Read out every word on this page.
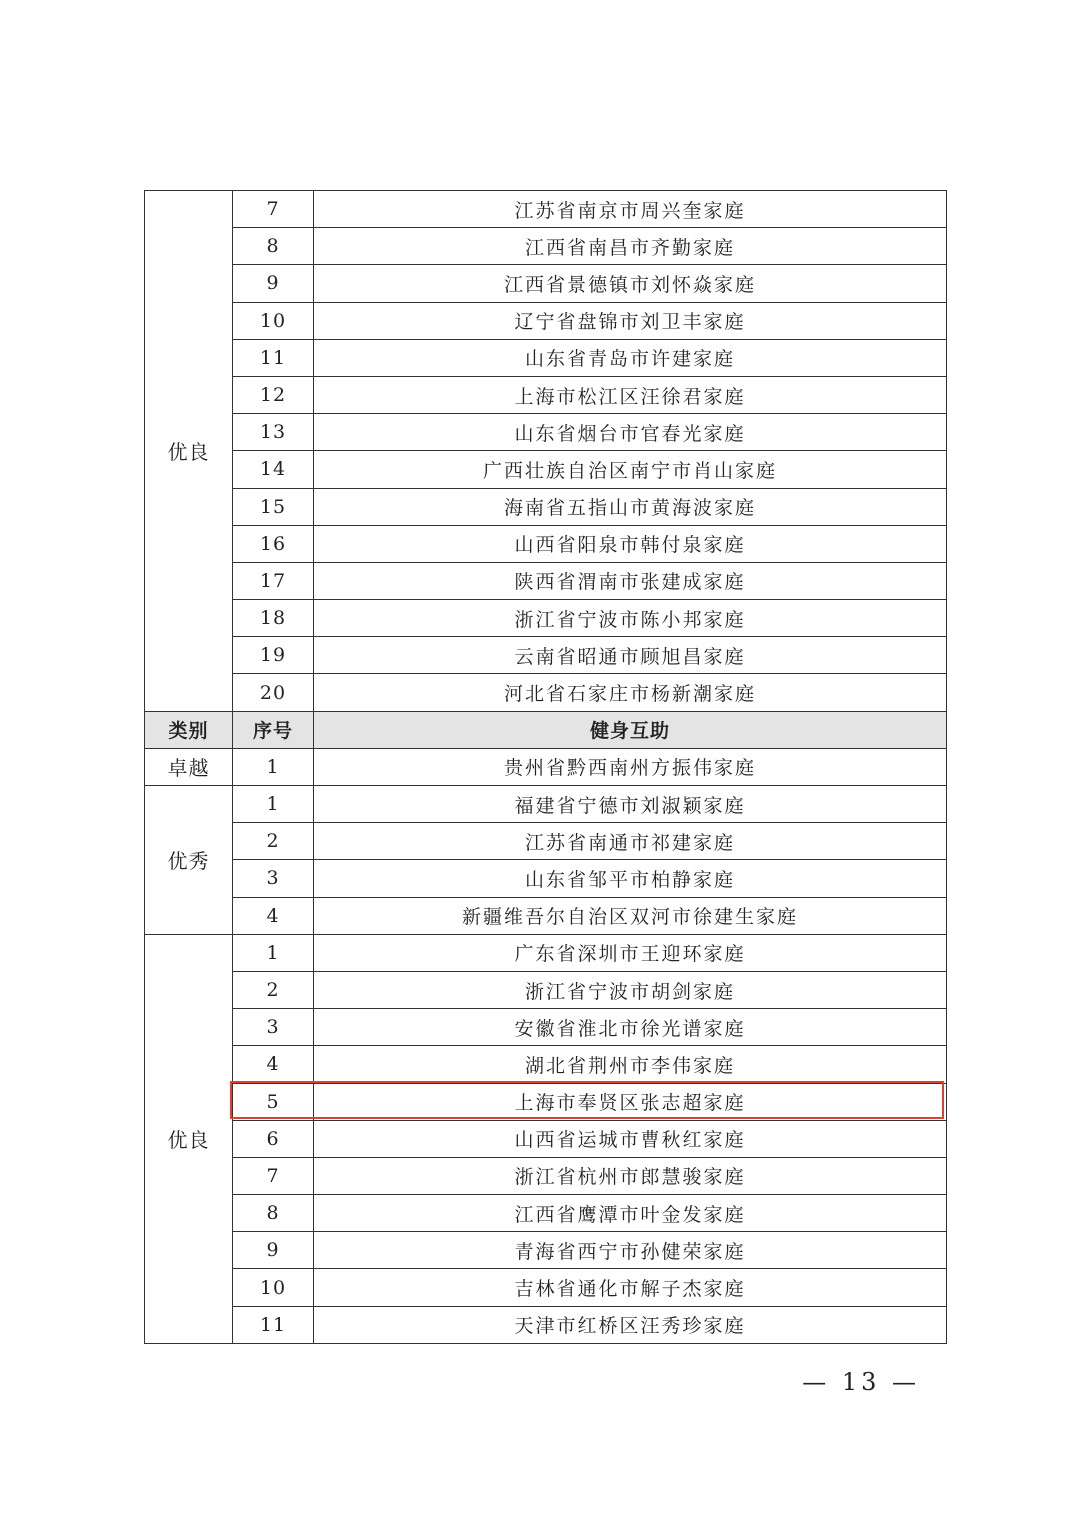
优良	7	江苏省南京市周兴奎家庭
	8	江西省南昌市齐勤家庭
	9	江西省景德镇市刘怀焱家庭
	10	辽宁省盘锦市刘卫丰家庭
	11	山东省青岛市许建家庭
	12	上海市松江区汪徐君家庭
	13	山东省烟台市官春光家庭
	14	广西壮族自治区南宁市肖山家庭
	15	海南省五指山市黄海波家庭
	16	山西省阳泉市韩付泉家庭
	17	陕西省渭南市张建成家庭
	18	浙江省宁波市陈小邦家庭
	19	云南省昭通市顾旭昌家庭
	20	河北省石家庄市杨新潮家庭
类别	序号	健身互助
卓越	1	贵州省黔西南州方振伟家庭
优秀	1	福建省宁德市刘淑颖家庭
	2	江苏省南通市祁建家庭
	3	山东省邹平市柏静家庭
	4	新疆维吾尔自治区双河市徐建生家庭
优良	1	广东省深圳市王迎环家庭
	2	浙江省宁波市胡剑家庭
	3	安徽省淮北市徐光谱家庭
	4	湖北省荆州市李伟家庭
	5	上海市奉贤区张志超家庭
	6	山西省运城市曹秋红家庭
	7	浙江省杭州市郎慧骏家庭
	8	江西省鹰潭市叶金发家庭
	9	青海省西宁市孙健荣家庭
	10	吉林省通化市解子杰家庭
	11	天津市红桥区汪秀珍家庭
— 13 —
